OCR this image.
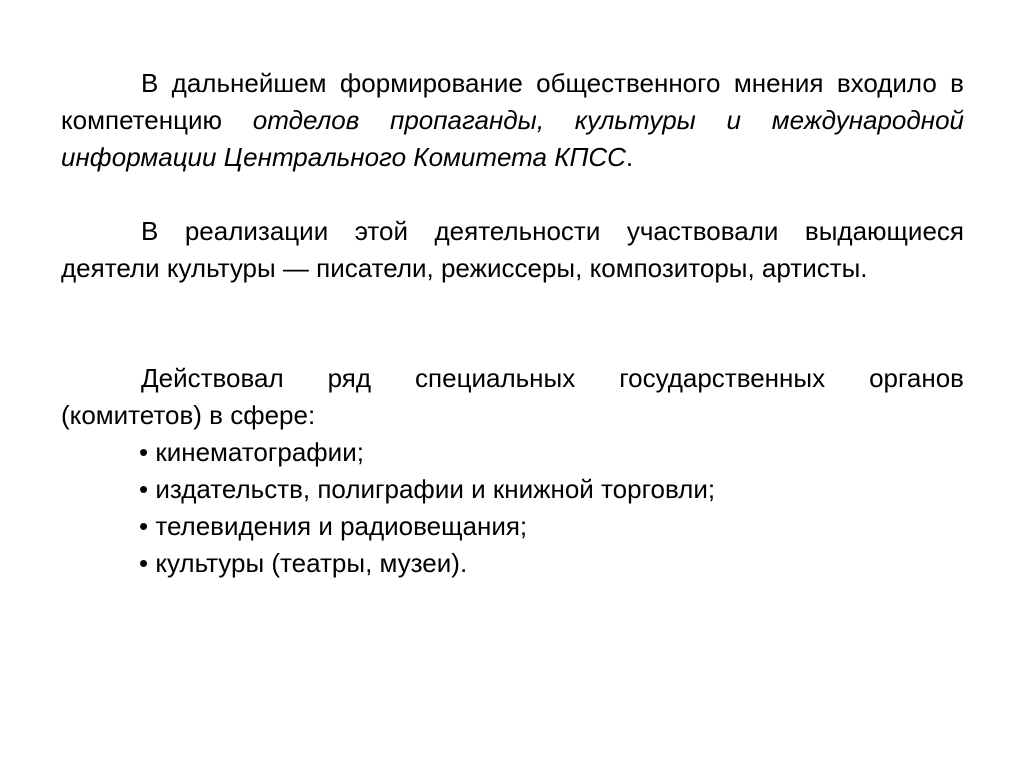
В дальнейшем формирование общественного мнения входило в компетенцию отделов пропаганды, культуры и международной информации Центрального Комитета КПСС.
В реализации этой деятельности участвовали выдающиеся деятели культуры — писатели, режиссеры, композиторы, артисты.
Действовал ряд специальных государственных органов (комитетов) в сфере:
• кинематографии;
• издательств, полиграфии и книжной торговли;
• телевидения и радиовещания;
• культуры (театры, музеи).
